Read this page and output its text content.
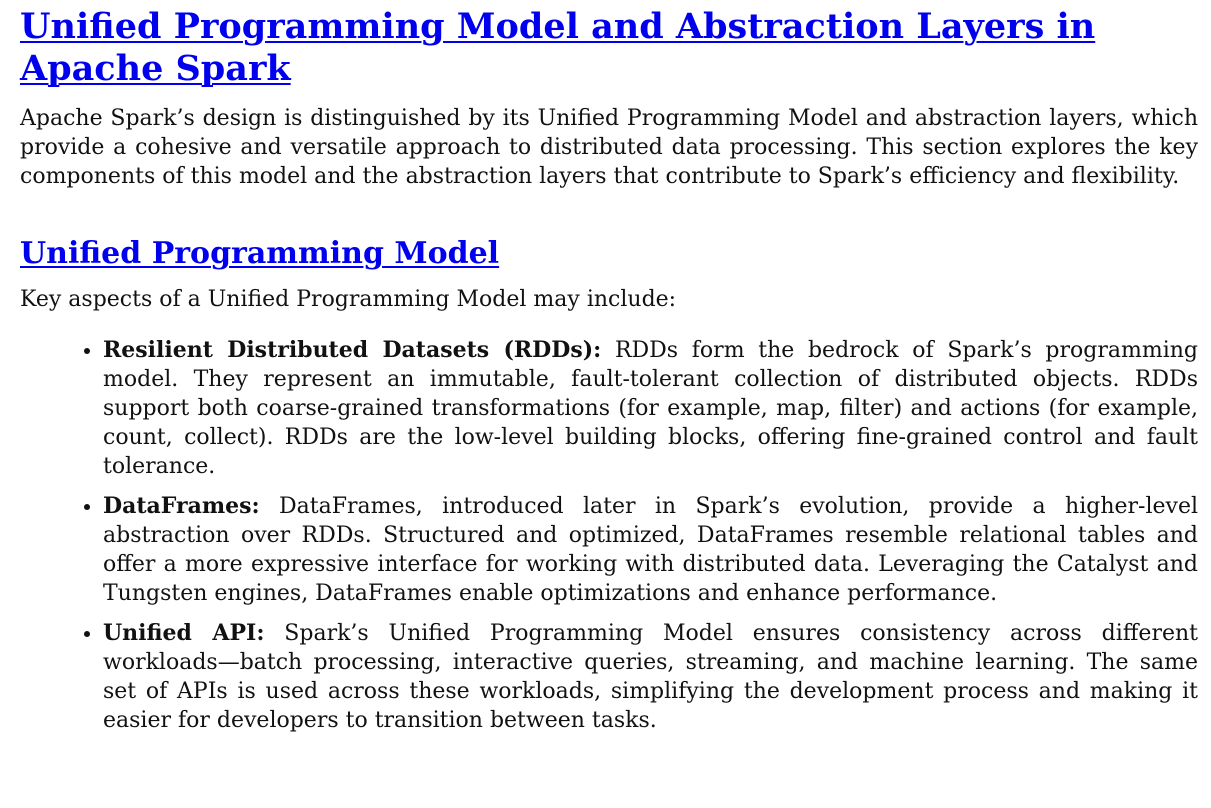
Unified Programming Model and Abstraction Layers in Apache Spark

Apache Spark’s design is distinguished by its Unified Programming Model and abstraction layers, which provide a cohesive and versatile approach to distributed data processing. This section explores the key components of this model and the abstraction layers that contribute to Spark’s efficiency and flexibility.

Unified Programming Model

Key aspects of a Unified Programming Model may include:

• Resilient Distributed Datasets (RDDs): RDDs form the bedrock of Spark’s programming model. They represent an immutable, fault-tolerant collection of distributed objects. RDDs support both coarse-grained transformations (for example, map, filter) and actions (for example, count, collect). RDDs are the low-level building blocks, offering fine-grained control and fault tolerance.
• DataFrames: DataFrames, introduced later in Spark’s evolution, provide a higher-level abstraction over RDDs. Structured and optimized, DataFrames resemble relational tables and offer a more expressive interface for working with distributed data. Leveraging the Catalyst and Tungsten engines, DataFrames enable optimizations and enhance performance.
• Unified API: Spark’s Unified Programming Model ensures consistency across different workloads—batch processing, interactive queries, streaming, and machine learning. The same set of APIs is used across these workloads, simplifying the development process and making it easier for developers to transition between tasks.
